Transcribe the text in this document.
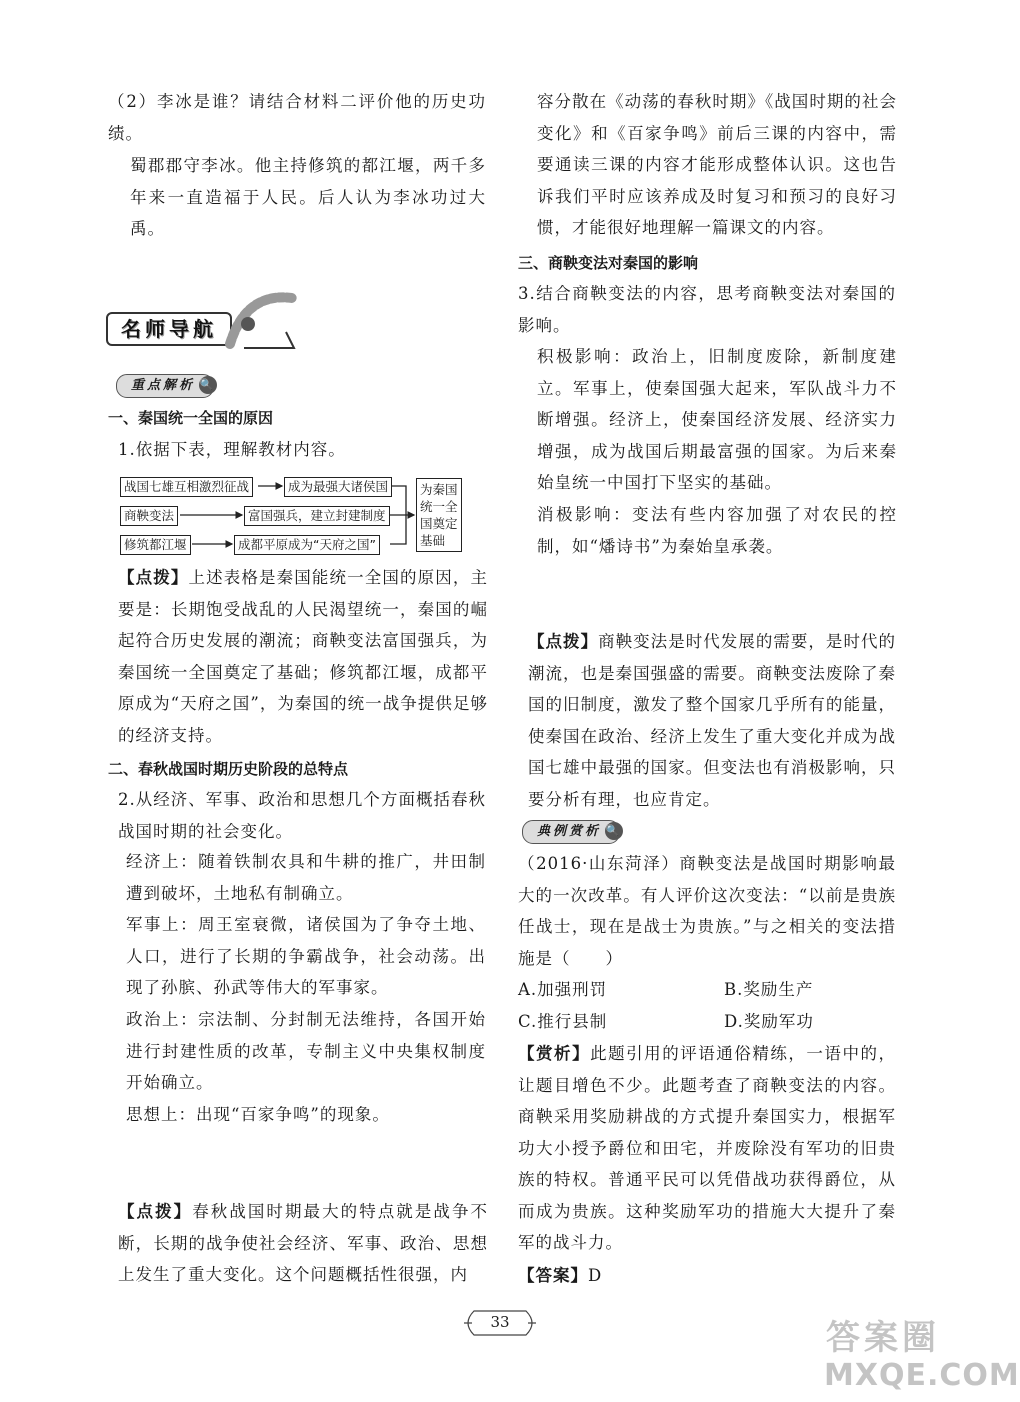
（2）李冰是谁？请结合材料二评价他的历史功绩。

蜀郡郡守李冰。他主持修筑的都江堰，两千多年来一直造福于人民。后人认为李冰功过大禹。

名师导航
重点解析 🔍

一、秦国统一全国的原因

1.依据下表，理解教材内容。

战国七雄互相激烈征战	成为最强大诸侯国
商鞅变法	富国强兵，建立封建制度
修筑都江堰	成都平原成为“天府之国”
为秦国统一全国奠定基础

【点拨】上述表格是秦国能统一全国的原因，主要是：长期饱受战乱的人民渴望统一，秦国的崛起符合历史发展的潮流；商鞅变法富国强兵，为秦国统一全国奠定了基础；修筑都江堰，成都平原成为“天府之国”，为秦国的统一战争提供足够的经济支持。

二、春秋战国时期历史阶段的总特点

2.从经济、军事、政治和思想几个方面概括春秋战国时期的社会变化。

经济上：随着铁制农具和牛耕的推广，井田制遭到破坏，土地私有制确立。

军事上：周王室衰微，诸侯国为了争夺土地、人口，进行了长期的争霸战争，社会动荡。出现了孙膑、孙武等伟大的军事家。

政治上：宗法制、分封制无法维持，各国开始进行封建性质的改革，专制主义中央集权制度开始确立。

思想上：出现“百家争鸣”的现象。

【点拨】春秋战国时期最大的特点就是战争不断，长期的战争使社会经济、军事、政治、思想上发生了重大变化。这个问题概括性很强，内

容分散在《动荡的春秋时期》《战国时期的社会变化》和《百家争鸣》前后三课的内容中，需要通读三课的内容才能形成整体认识。这也告诉我们平时应该养成及时复习和预习的良好习惯，才能很好地理解一篇课文的内容。

三、商鞅变法对秦国的影响

3.结合商鞅变法的内容，思考商鞅变法对秦国的影响。

积极影响：政治上，旧制度废除，新制度建立。军事上，使秦国强大起来，军队战斗力不断增强。经济上，使秦国经济发展、经济实力增强，成为战国后期最富强的国家。为后来秦始皇统一中国打下坚实的基础。

消极影响：变法有些内容加强了对农民的控制，如“燔诗书”为秦始皇承袭。

【点拨】商鞅变法是时代发展的需要，是时代的潮流，也是秦国强盛的需要。商鞅变法废除了秦国的旧制度，激发了整个国家几乎所有的能量，使秦国在政治、经济上发生了重大变化并成为战国七雄中最强的国家。但变法也有消极影响，只要分析有理，也应肯定。

典例赏析 🔍

（2016·山东菏泽）商鞅变法是战国时期影响最大的一次改革。有人评价这次变法：“以前是贵族任战士，现在是战士为贵族。”与之相关的变法措施是（　　）

A.加强刑罚	B.奖励生产

C.推行县制	D.奖励军功

【赏析】此题引用的评语通俗精练，一语中的，让题目增色不少。此题考查了商鞅变法的内容。商鞅采用奖励耕战的方式提升秦国实力，根据军功大小授予爵位和田宅，并废除没有军功的旧贵族的特权。普通平民可以凭借战功获得爵位，从而成为贵族。这种奖励军功的措施大大提升了秦军的战斗力。

【答案】D

33	答案圈
MXQE.COM
